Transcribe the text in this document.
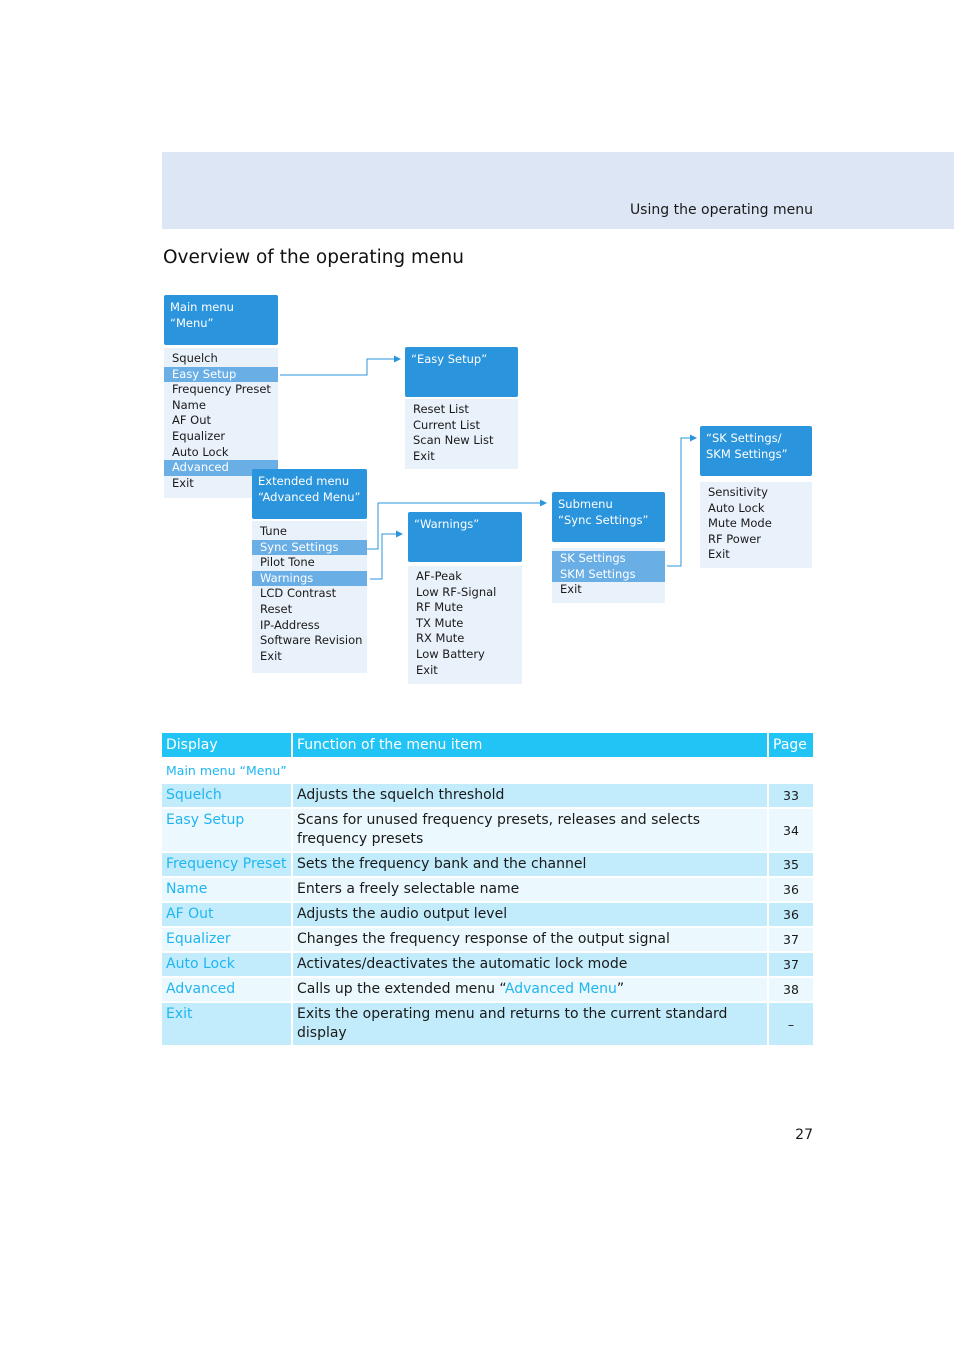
Using the operating menu
Overview of the operating menu
Main menu
“Menu”
Squelch
Easy Setup
Frequency Preset
Name
AF Out
Equalizer
Auto Lock
Advanced
Exit
“Easy Setup”
Reset List
Current List
Scan New List
Exit
Extended menu
“Advanced Menu”
Tune
Sync Settings
Pilot Tone
Warnings
LCD Contrast
Reset
IP-Address
Software Revision
Exit
“Warnings”
AF-Peak
Low RF-Signal
RF Mute
TX Mute
RX Mute
Low Battery
Exit
Submenu
“Sync Settings”
SK Settings
SKM Settings
Exit
“SK Settings/
SKM Settings”
Sensitivity
Auto Lock
Mute Mode
RF Power
Exit
Display	Function of the menu item	Page
Main menu “Menu”		
Squelch	Adjusts the squelch threshold	33
Easy Setup	Scans for unused frequency presets, releases and selects frequency presets	34
Frequency Preset	Sets the frequency bank and the channel	35
Name	Enters a freely selectable name	36
AF Out	Adjusts the audio output level	36
Equalizer	Changes the frequency response of the output signal	37
Auto Lock	Activates/deactivates the automatic lock mode	37
Advanced	Calls up the extended menu “Advanced Menu”	38
Exit	Exits the operating menu and returns to the current standard display	–
27
